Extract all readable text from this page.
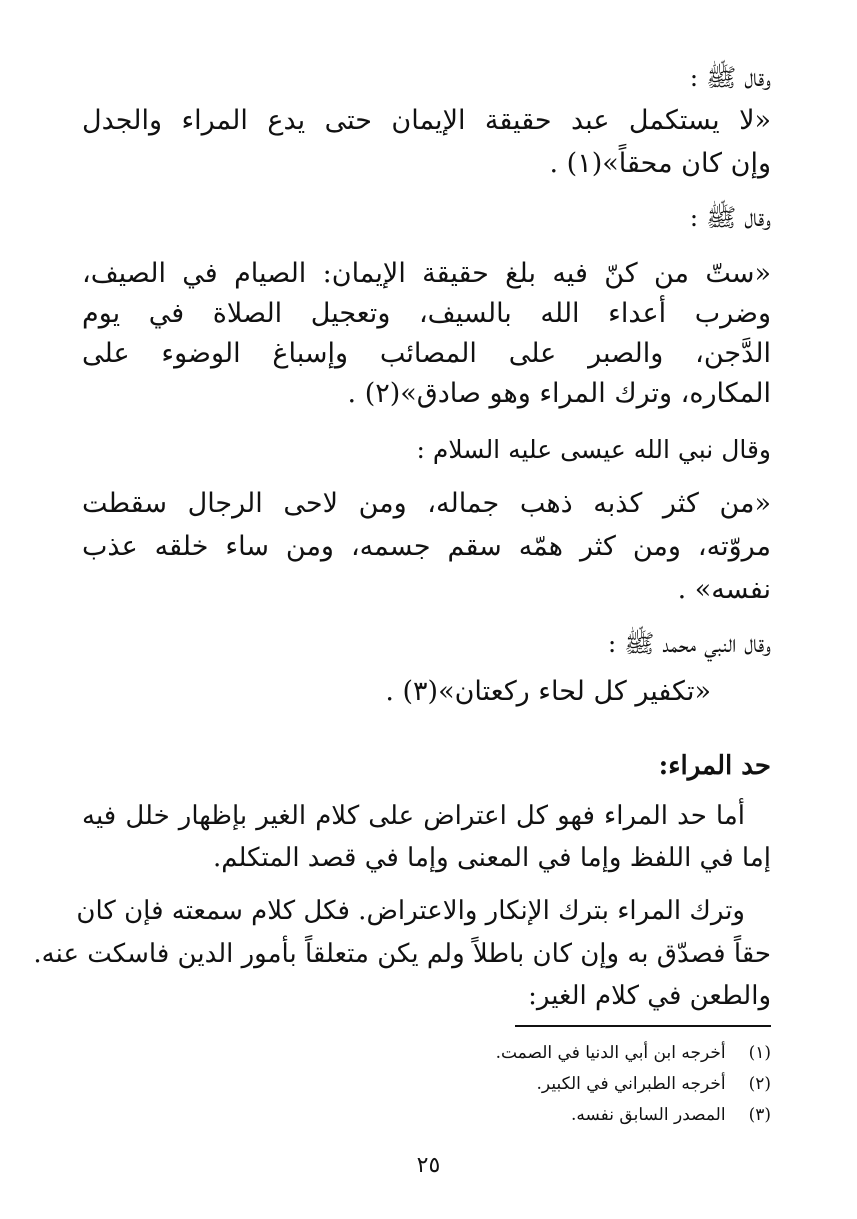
وقال ﷺ :
«لا يستكمل عبد حقيقة الإيمان حتى يدع المراء والجدل
وإن كان محقاً»(١) .
وقال ﷺ :
«ستّ من كنّ فيه بلغ حقيقة الإيمان: الصيام في الصيف،
وضرب أعداء الله بالسيف، وتعجيل الصلاة في يوم
الدَّجن، والصبر على المصائب وإسباغ الوضوء على
المكاره، وترك المراء وهو صادق»(٢) .
وقال نبي الله عيسى عليه السلام :
«من كثر كذبه ذهب جماله، ومن لاحى الرجال سقطت
مروّته، ومن كثر همّه سقم جسمه، ومن ساء خلقه عذب
نفسه» .
وقال النبي محمد ﷺ :
«تكفير كل لحاء ركعتان»(٣) .
حد المراء:
أما حد المراء فهو كل اعتراض على كلام الغير بإظهار خلل فيه
إما في اللفظ وإما في المعنى وإما في قصد المتكلم.
وترك المراء بترك الإنكار والاعتراض. فكل كلام سمعته فإن كان
حقاً فصدّق به وإن كان باطلاً ولم يكن متعلقاً بأمور الدين فاسكت عنه.
والطعن في كلام الغير:
(١) أخرجه ابن أبي الدنيا في الصمت.
(٢) أخرجه الطبراني في الكبير.
(٣) المصدر السابق نفسه.
٢٥
